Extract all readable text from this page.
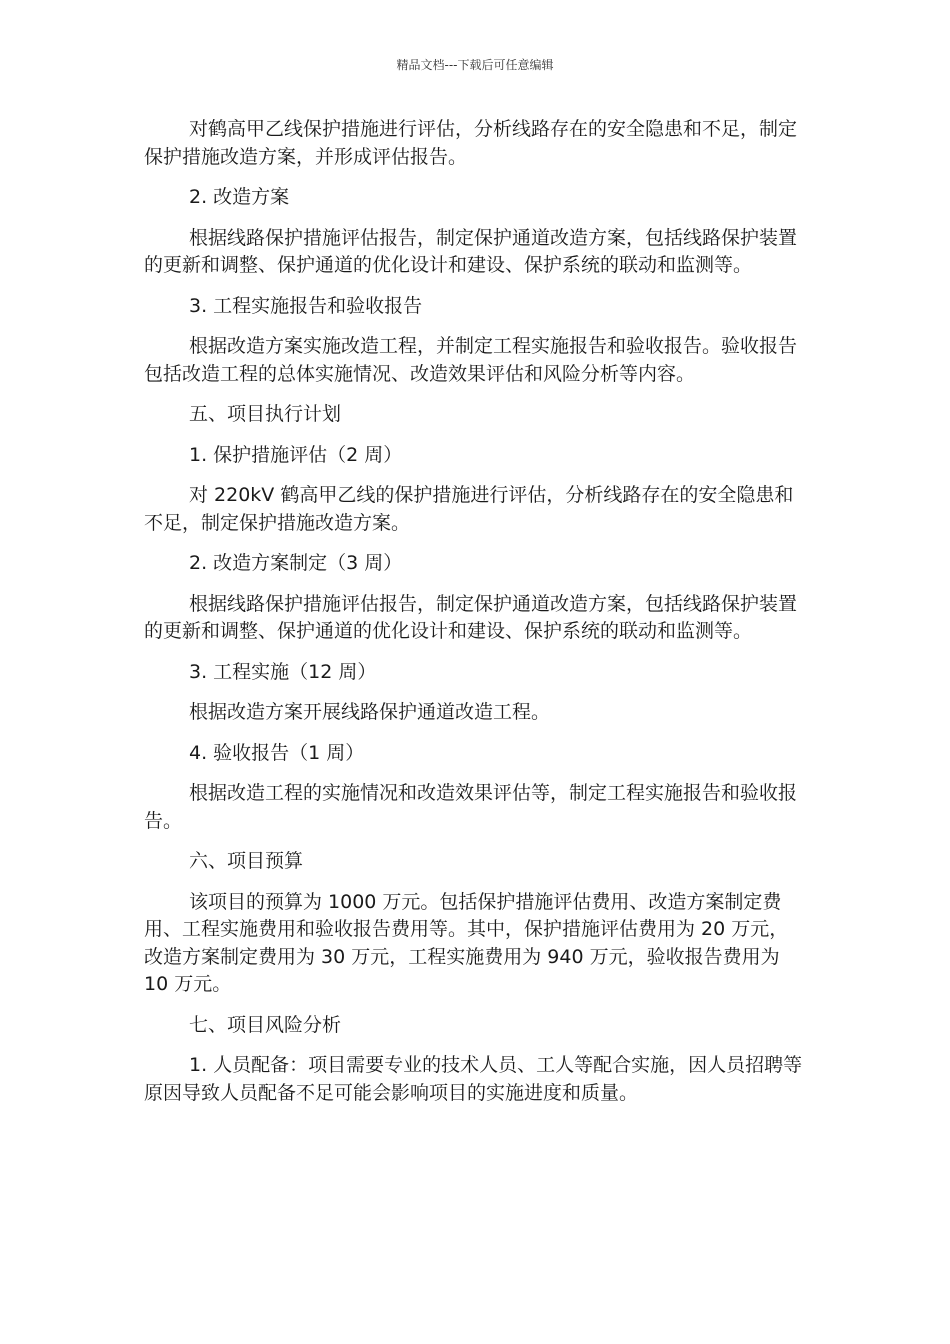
精品文档---下载后可任意编辑

对鹤高甲乙线保护措施进行评估，分析线路存在的安全隐患和不足，制定保护措施改造方案，并形成评估报告。

2. 改造方案

根据线路保护措施评估报告，制定保护通道改造方案，包括线路保护装置的更新和调整、保护通道的优化设计和建设、保护系统的联动和监测等。

3. 工程实施报告和验收报告

根据改造方案实施改造工程，并制定工程实施报告和验收报告。验收报告包括改造工程的总体实施情况、改造效果评估和风险分析等内容。

五、项目执行计划

1. 保护措施评估（2 周）

对 220kV 鹤高甲乙线的保护措施进行评估，分析线路存在的安全隐患和不足，制定保护措施改造方案。

2. 改造方案制定（3 周）

根据线路保护措施评估报告，制定保护通道改造方案，包括线路保护装置的更新和调整、保护通道的优化设计和建设、保护系统的联动和监测等。

3. 工程实施（12 周）

根据改造方案开展线路保护通道改造工程。

4. 验收报告（1 周）

根据改造工程的实施情况和改造效果评估等，制定工程实施报告和验收报告。

六、项目预算

该项目的预算为 1000 万元。包括保护措施评估费用、改造方案制定费用、工程实施费用和验收报告费用等。其中，保护措施评估费用为 20 万元，改造方案制定费用为 30 万元，工程实施费用为 940 万元，验收报告费用为 10 万元。

七、项目风险分析

1. 人员配备：项目需要专业的技术人员、工人等配合实施，因人员招聘等原因导致人员配备不足可能会影响项目的实施进度和质量。
